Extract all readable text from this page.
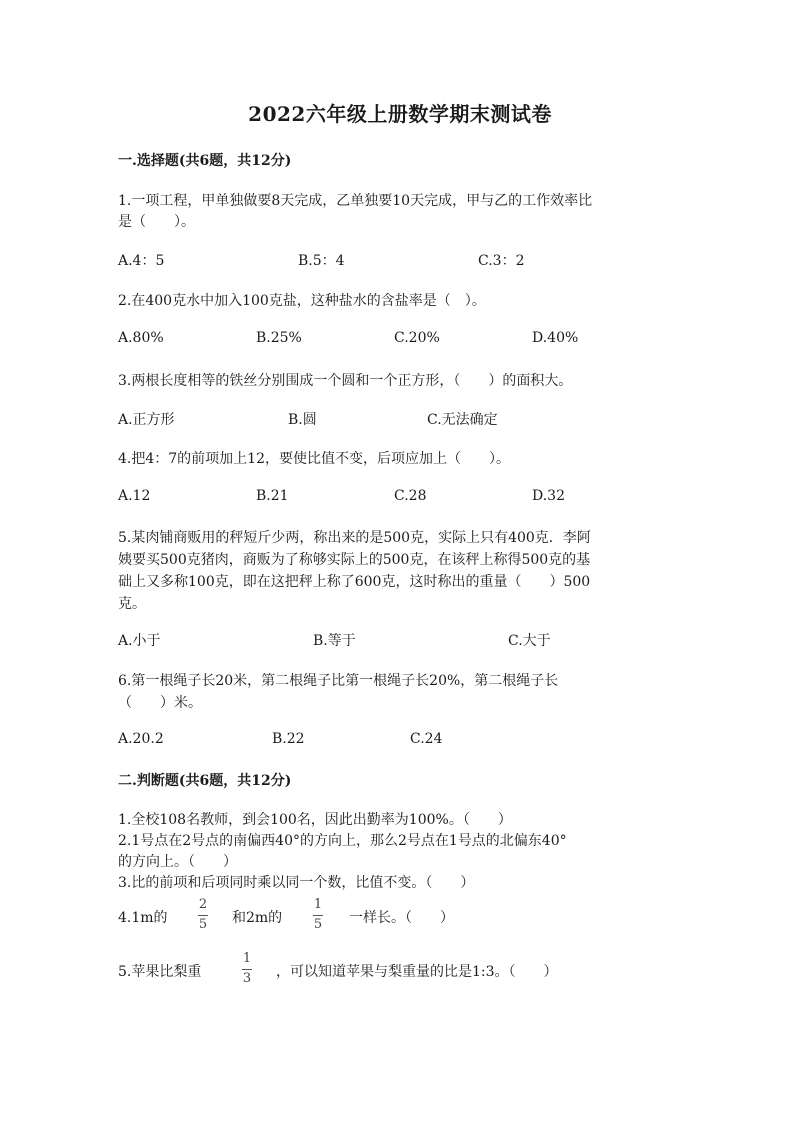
2022六年级上册数学期末测试卷
一.选择题(共6题，共12分)
1.一项工程，甲单独做要8天完成，乙单独要10天完成，甲与乙的工作效率比
是（　　）。
A.4：5	B.5：4	C.3：2
2.在400克水中加入100克盐，这种盐水的含盐率是（　）。
A.80%	B.25%	C.20%	D.40%
3.两根长度相等的铁丝分别围成一个圆和一个正方形，（　　）的面积大。
A.正方形	B.圆	C.无法确定
4.把4：7的前项加上12，要使比值不变，后项应加上（　　）。
A.12	B.21	C.28	D.32
5.某肉铺商贩用的秤短斤少两，称出来的是500克，实际上只有400克．李阿
姨要买500克猪肉，商贩为了称够实际上的500克，在该秤上称得500克的基
础上又多称100克，即在这把秤上称了600克，这时称出的重量（　　）500
克。
A.小于	B.等于	C.大于
6.第一根绳子长20米，第二根绳子比第一根绳子长20%，第二根绳子长
（　　）米。
A.20.2	B.22	C.24
二.判断题(共6题，共12分)
1.全校108名教师，到会100名，因此出勤率为100%。（　　）
2.1号点在2号点的南偏西40°的方向上，那么2号点在1号点的北偏东40°
的方向上。（　　）
3.比的前项和后项同时乘以同一个数，比值不变。（　　）
4.1m的
2
5 和2m的
1
5 一样长。（　　）
5.苹果比梨重
1
3 ，可以知道苹果与梨重量的比是1:3。（　　）
